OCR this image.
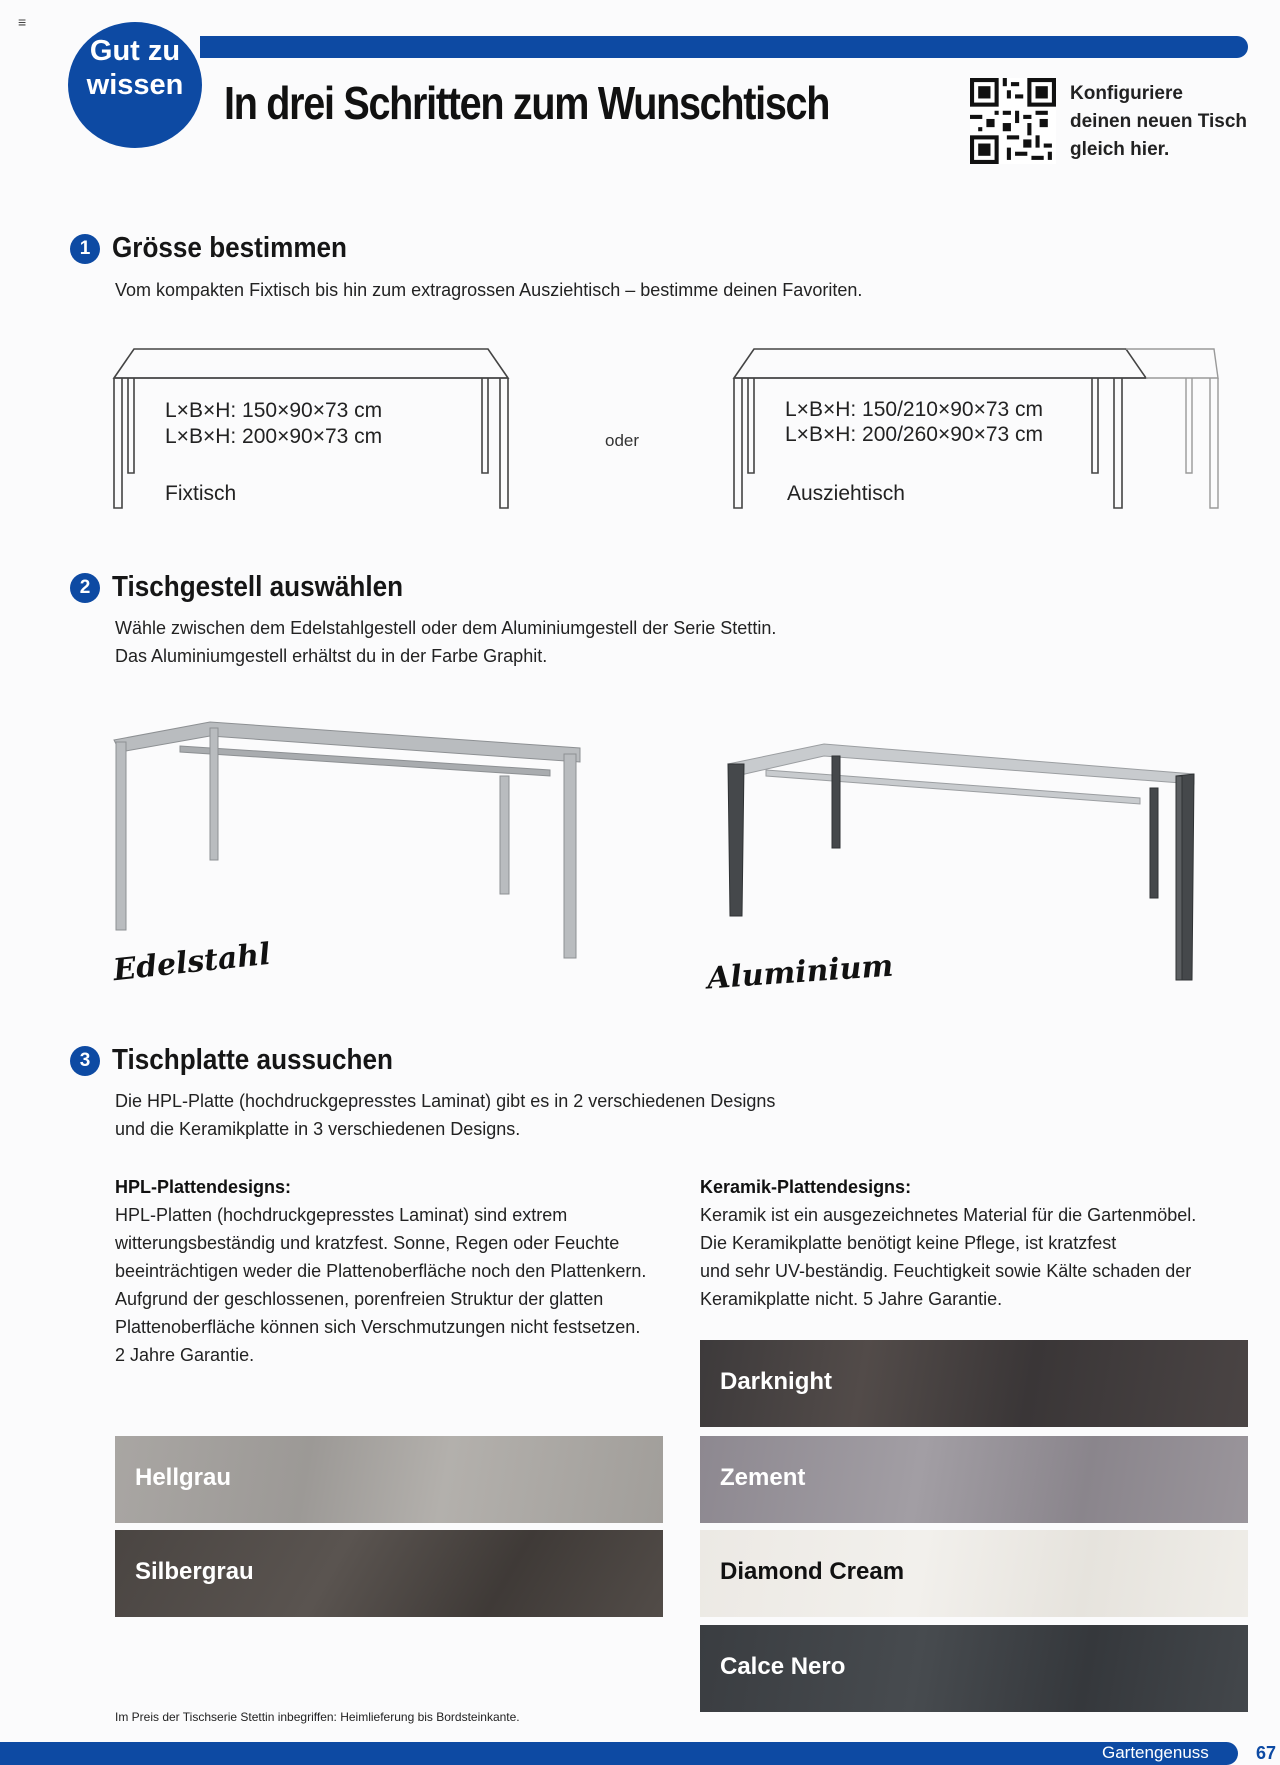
≡
Gut zu wissen In drei Schritten zum Wunschtisch	Konfiguriere
deinen neuen Tisch
gleich hier.
1 Grösse bestimmen
Vom kompakten Fixtisch bis hin zum extragrossen Ausziehtisch – bestimme deinen Favoriten.
L×B×H: 150×90×73 cm
L×B×H: 200×90×73 cm
Fixtisch
oder
L×B×H: 150/210×90×73 cm
L×B×H: 200/260×90×73 cm
Ausziehtisch
2 Tischgestell auswählen
Wähle zwischen dem Edelstahlgestell oder dem Aluminiumgestell der Serie Stettin.
Das Aluminiumgestell erhältst du in der Farbe Graphit.
Edelstahl	Aluminium
3 Tischplatte aussuchen
Die HPL-Platte (hochdruckgepresstes Laminat) gibt es in 2 verschiedenen Designs
und die Keramikplatte in 3 verschiedenen Designs.
HPL-Plattendesigns:
HPL-Platten (hochdruckgepresstes Laminat) sind extrem
witterungsbeständig und kratzfest. Sonne, Regen oder Feuchte
beeinträchtigen weder die Plattenoberfläche noch den Plattenkern.
Aufgrund der geschlossenen, porenfreien Struktur der glatten
Plattenoberfläche können sich Verschmutzungen nicht festsetzen.
2 Jahre Garantie.
Keramik-Plattendesigns:
Keramik ist ein ausgezeichnetes Material für die Gartenmöbel.
Die Keramikplatte benötigt keine Pflege, ist kratzfest
und sehr UV-beständig. Feuchtigkeit sowie Kälte schaden der
Keramikplatte nicht. 5 Jahre Garantie.
Hellgrau
Silbergrau
Darknight
Zement
Diamond Cream
Calce Nero
Im Preis der Tischserie Stettin inbegriffen: Heimlieferung bis Bordsteinkante.
Gartengenuss	67
